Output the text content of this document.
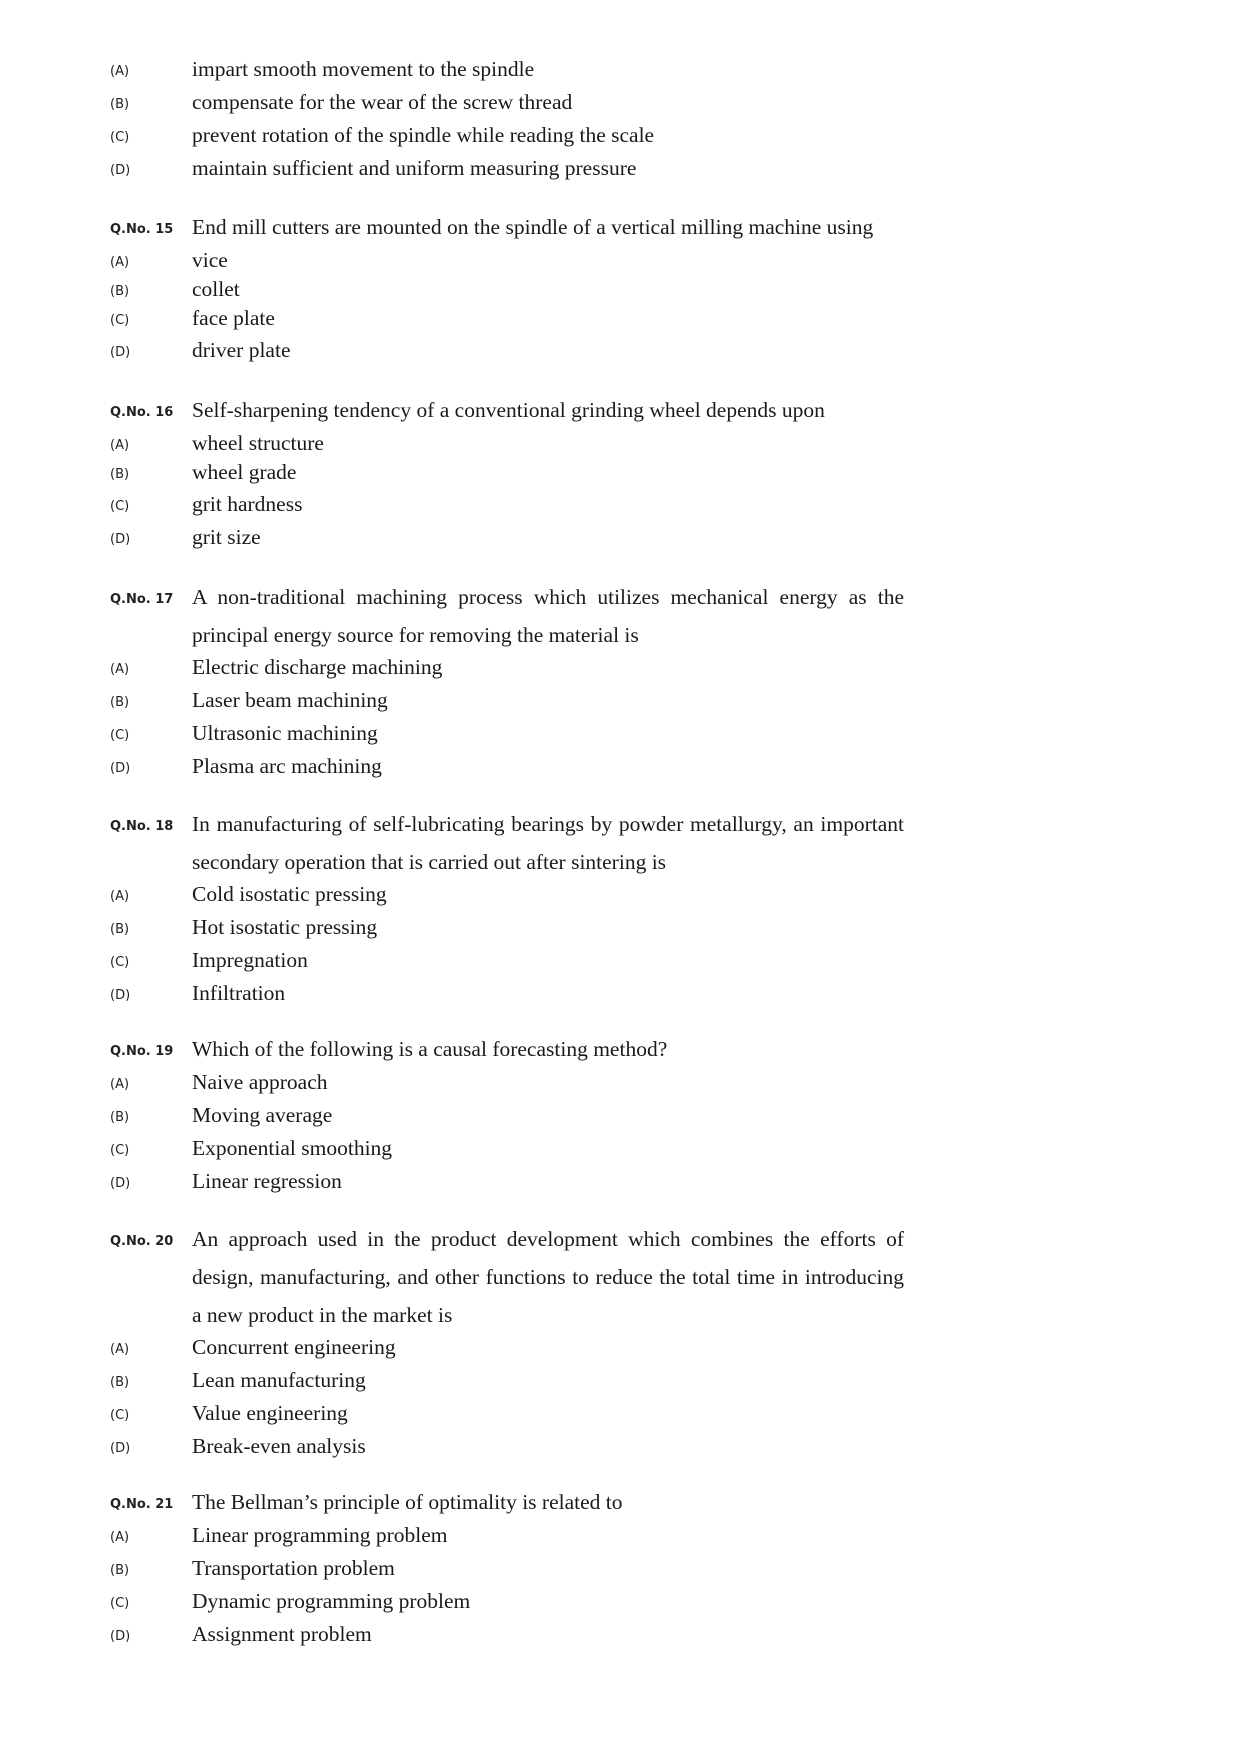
(A)	impart smooth movement to the spindle
(B)	compensate for the wear of the screw thread
(C)	prevent rotation of the spindle while reading the scale
(D)	maintain sufficient and uniform measuring pressure
Q.No. 15 End mill cutters are mounted on the spindle of a vertical milling machine using
(A)	vice
(B)	collet
(C)	face plate
(D)	driver plate
Q.No. 16 Self-sharpening tendency of a conventional grinding wheel depends upon
(A)	wheel structure
(B)	wheel grade
(C)	grit hardness
(D)	grit size
Q.No. 17 A non-traditional machining process which utilizes mechanical energy as the principal energy source for removing the material is
(A)	Electric discharge machining
(B)	Laser beam machining
(C)	Ultrasonic machining
(D)	Plasma arc machining
Q.No. 18 In manufacturing of self-lubricating bearings by powder metallurgy, an important secondary operation that is carried out after sintering is
(A)	Cold isostatic pressing
(B)	Hot isostatic pressing
(C)	Impregnation
(D)	Infiltration
Q.No. 19 Which of the following is a causal forecasting method?
(A)	Naive approach
(B)	Moving average
(C)	Exponential smoothing
(D)	Linear regression
Q.No. 20 An approach used in the product development which combines the efforts of design, manufacturing, and other functions to reduce the total time in introducing a new product in the market is
(A)	Concurrent engineering
(B)	Lean manufacturing
(C)	Value engineering
(D)	Break-even analysis
Q.No. 21 The Bellman’s principle of optimality is related to
(A)	Linear programming problem
(B)	Transportation problem
(C)	Dynamic programming problem
(D)	Assignment problem
